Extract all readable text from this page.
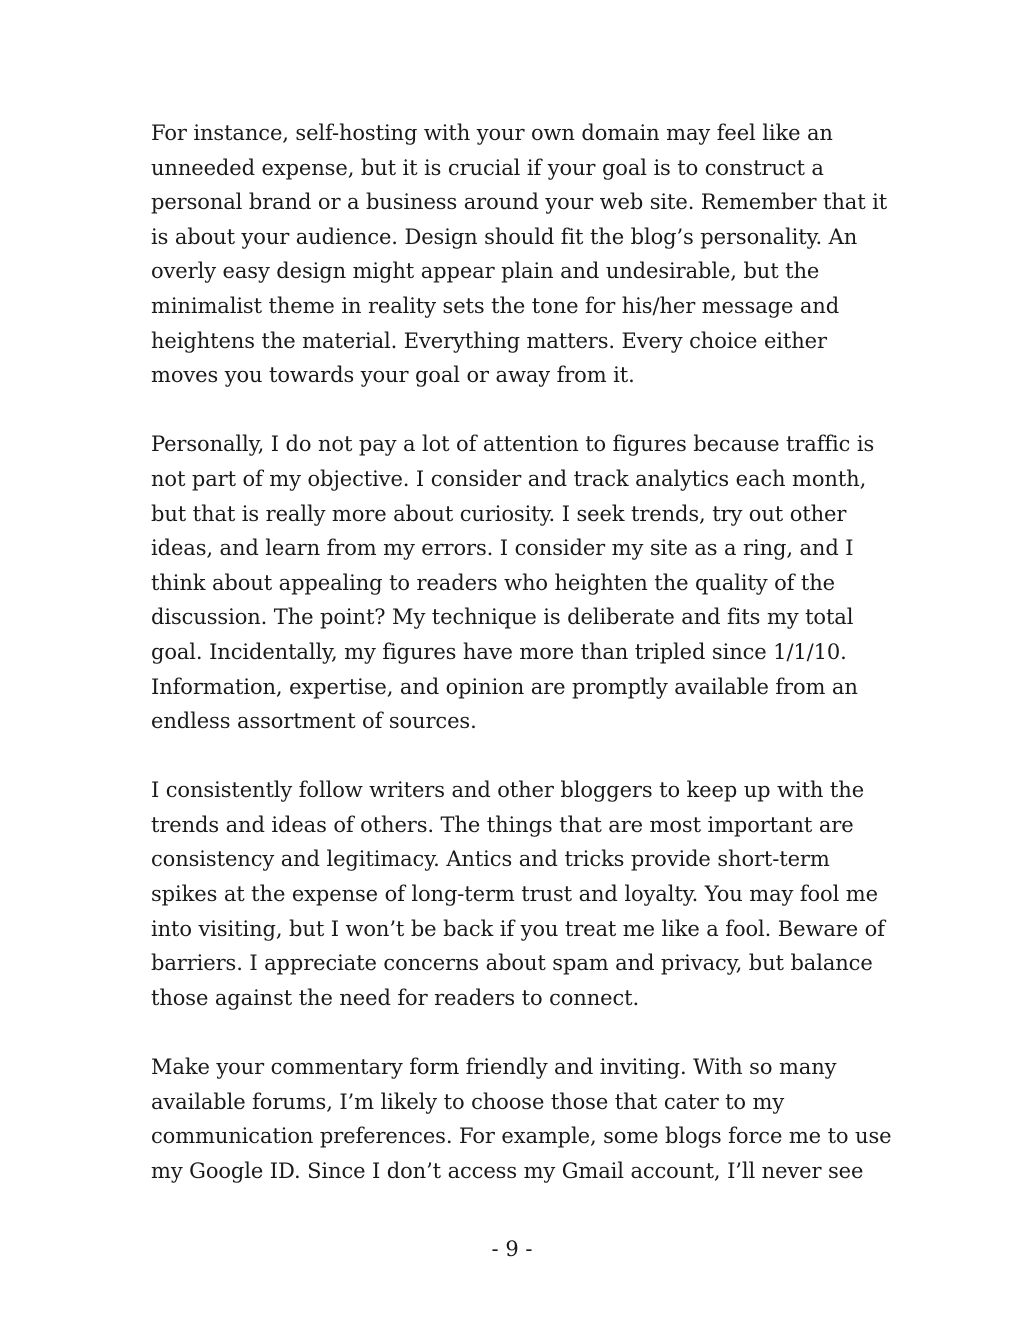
For instance, self-hosting with your own domain may feel like an
unneeded expense, but it is crucial if your goal is to construct a
personal brand or a business around your web site. Remember that it
is about your audience. Design should fit the blog’s personality. An
overly easy design might appear plain and undesirable, but the
minimalist theme in reality sets the tone for his/her message and
heightens the material. Everything matters. Every choice either
moves you towards your goal or away from it.

Personally, I do not pay a lot of attention to figures because traffic is
not part of my objective. I consider and track analytics each month,
but that is really more about curiosity. I seek trends, try out other
ideas, and learn from my errors. I consider my site as a ring, and I
think about appealing to readers who heighten the quality of the
discussion. The point? My technique is deliberate and fits my total
goal. Incidentally, my figures have more than tripled since 1/1/10.
Information, expertise, and opinion are promptly available from an
endless assortment of sources.

I consistently follow writers and other bloggers to keep up with the
trends and ideas of others. The things that are most important are
consistency and legitimacy. Antics and tricks provide short-term
spikes at the expense of long-term trust and loyalty. You may fool me
into visiting, but I won’t be back if you treat me like a fool. Beware of
barriers. I appreciate concerns about spam and privacy, but balance
those against the need for readers to connect.

Make your commentary form friendly and inviting. With so many
available forums, I’m likely to choose those that cater to my
communication preferences. For example, some blogs force me to use
my Google ID. Since I don’t access my Gmail account, I’ll never see

- 9 -
